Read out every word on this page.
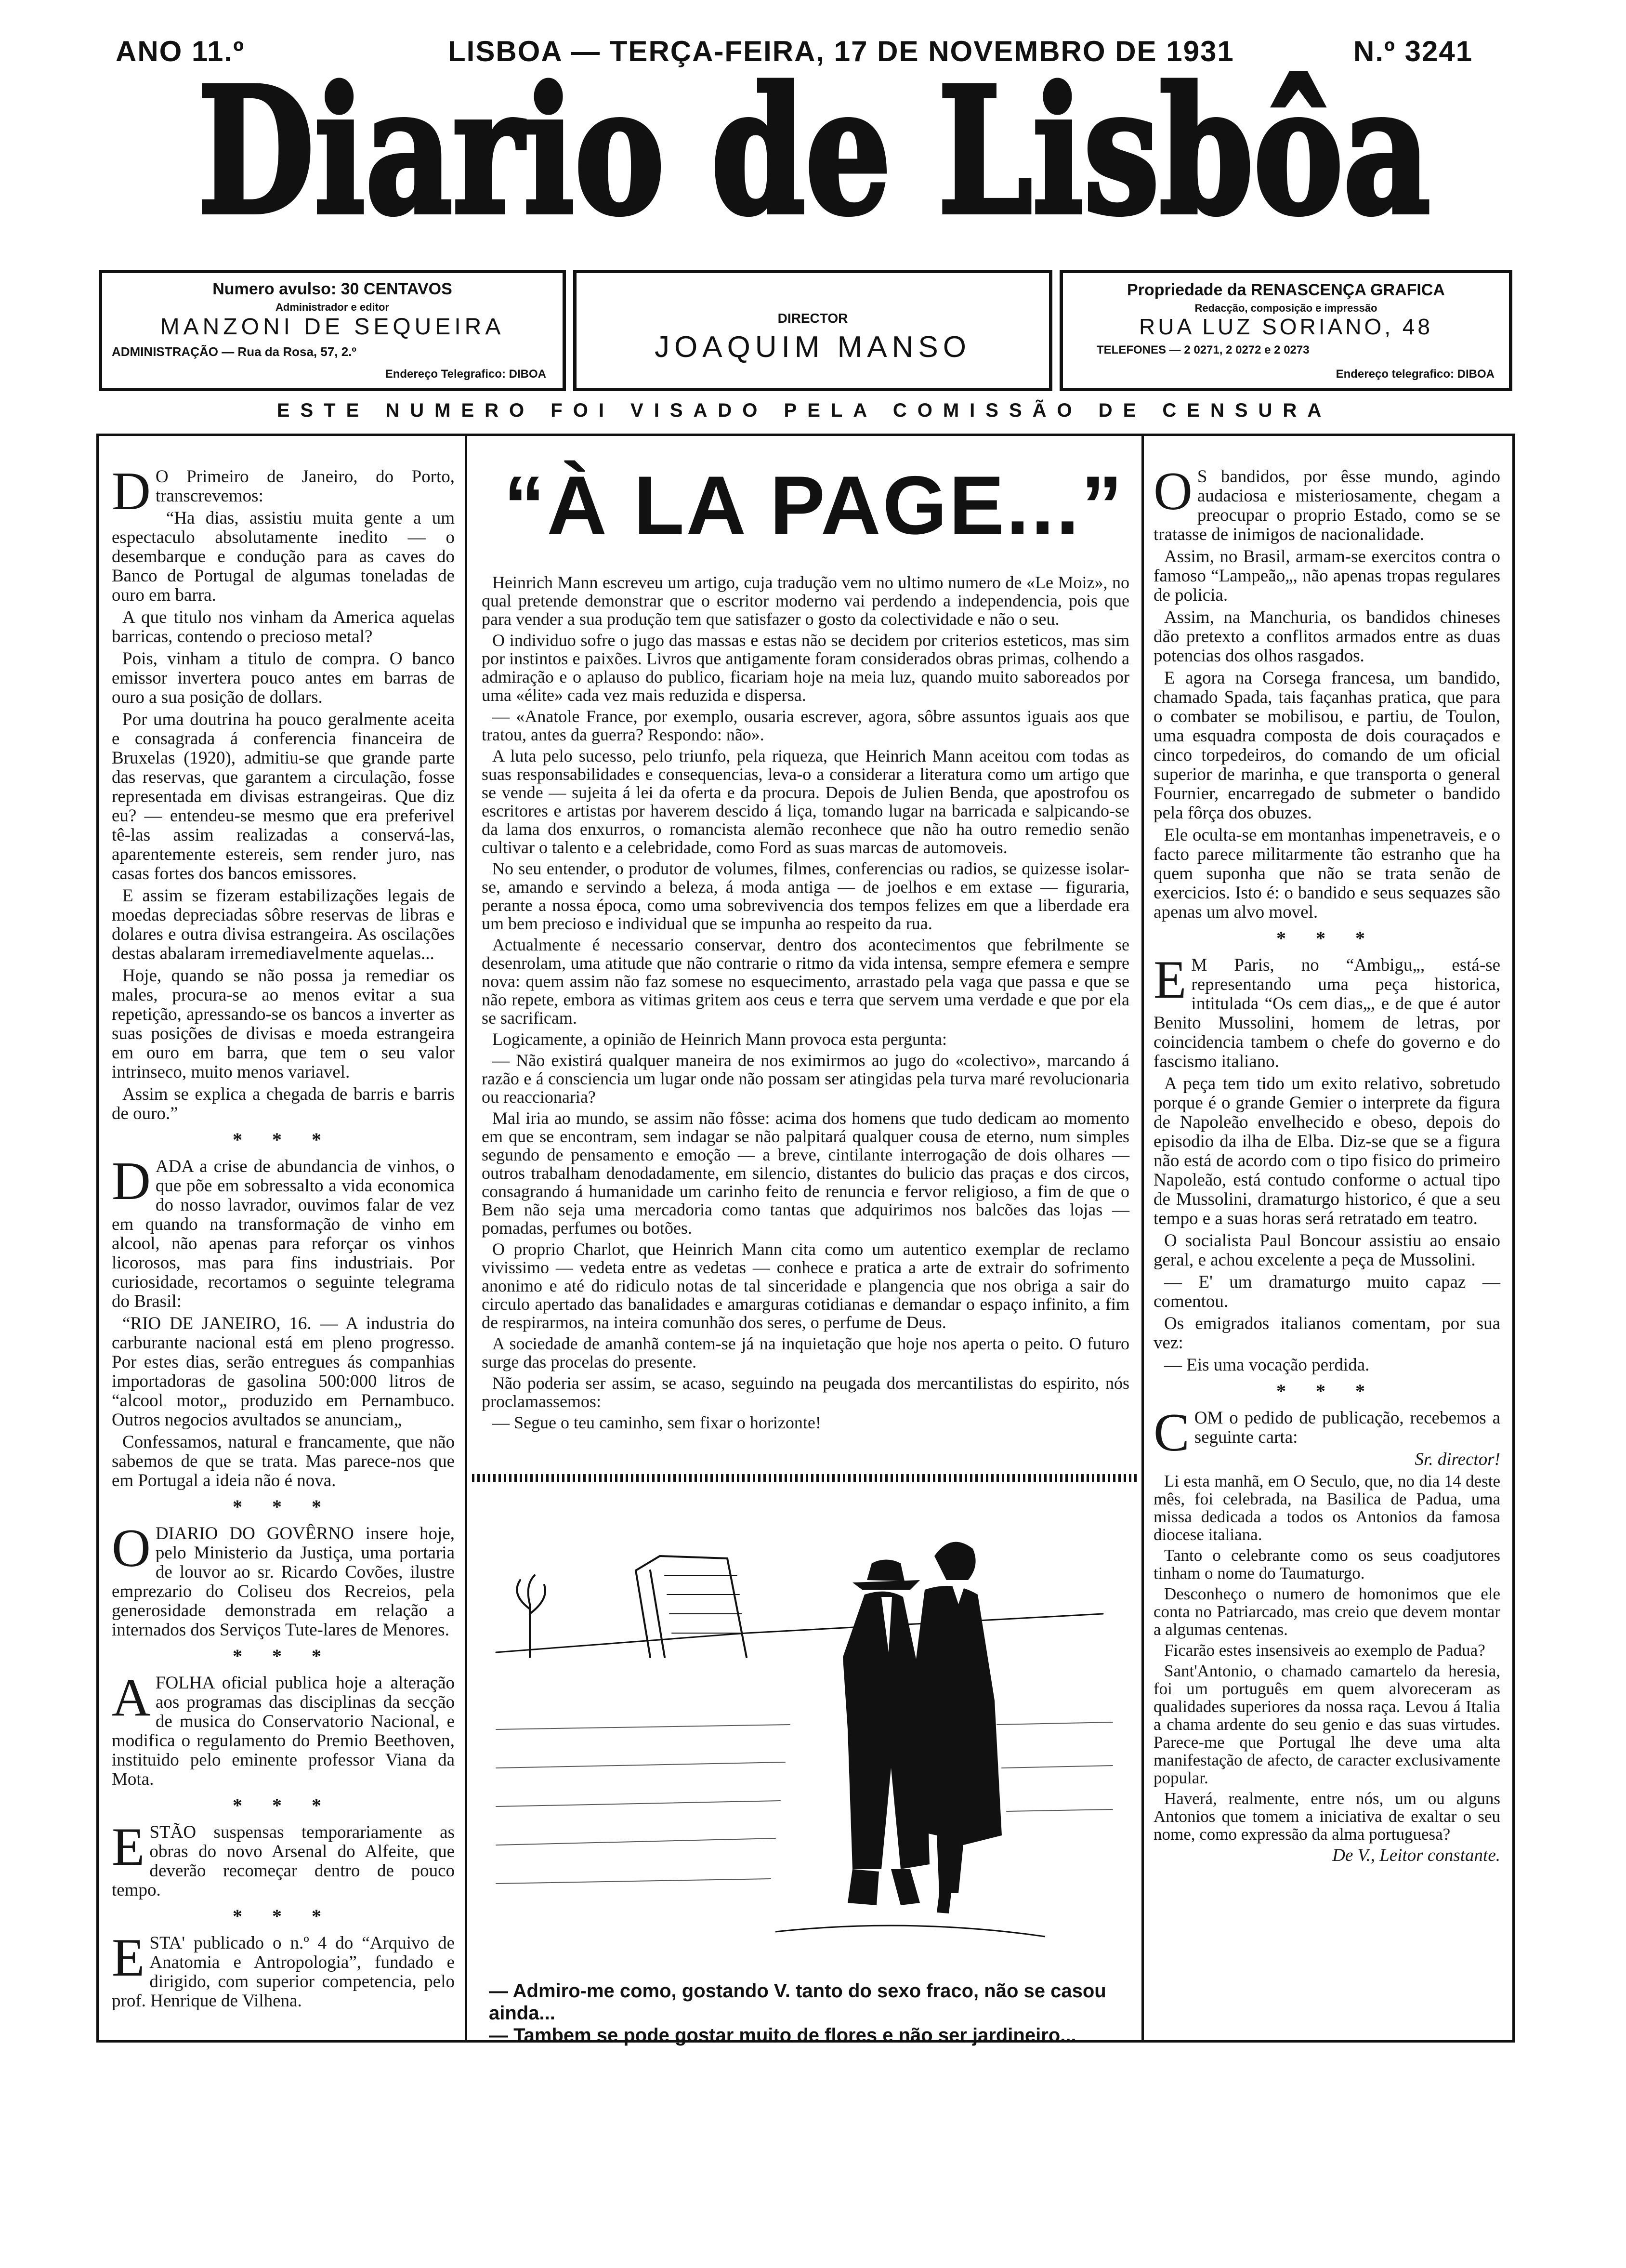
ANO 11.º	LISBOA — TERÇA-FEIRA, 17 DE NOVEMBRO DE 1931	N.º 3241
Diario de Lisbôa
Numero avulso: 30 CENTAVOS
Administrador e editor
MANZONI DE SEQUEIRA
ADMINISTRAÇÃO — Rua da Rosa, 57, 2.º
Endereço Telegrafico: DIBOA
DIRECTOR
JOAQUIM MANSO
Propriedade da RENASCENÇA GRAFICA
Redacção, composição e impressão
RUA LUZ SORIANO, 48
TELEFONES — 2 0271, 2 0272 e 2 0273
Endereço telegrafico: DIBOA
ESTE NUMERO FOI VISADO PELA COMISSÃO DE CENSURA

D O Primeiro de Janeiro, do Porto, transcrevemos:

“Ha dias, assistiu muita gente a um espectaculo absolutamente inedito — o desembarque e condução para as caves do Banco de Portugal de algumas toneladas de ouro em barra.

A que titulo nos vinham da America aquelas barricas, contendo o precioso metal?

Pois, vinham a titulo de compra. O banco emissor invertera pouco antes em barras de ouro a sua posição de dollars.

Por uma doutrina ha pouco geralmente aceita e consagrada á conferencia financeira de Bruxelas (1920), admitiu-se que grande parte das reservas, que garantem a circulação, fosse representada em divisas estrangeiras. Que diz eu? — entendeu-se mesmo que era preferivel tê-las assim realizadas a conservá-las, aparentemente estereis, sem render juro, nas casas fortes dos bancos emissores.

E assim se fizeram estabilizações legais de moedas depreciadas sôbre reservas de libras e dolares e outra divisa estrangeira. As oscilações destas abalaram irremediavelmente aquelas...

Hoje, quando se não possa ja remediar os males, procura-se ao menos evitar a sua repetição, apressando-se os bancos a inverter as suas posições de divisas e moeda estrangeira em ouro em barra, que tem o seu valor intrinseco, muito menos variavel.

Assim se explica a chegada de barris e barris de ouro.”

* * *

DADA a crise de abundancia de vinhos, o que põe em sobressalto a vida economica do nosso lavrador, ouvimos falar de vez em quando na transformação de vinho em alcool, não apenas para reforçar os vinhos licorosos, mas para fins industriais. Por curiosidade, recortamos o seguinte telegrama do Brasil:

“RIO DE JANEIRO, 16. — A industria do carburante nacional está em pleno progresso. Por estes dias, serão entregues ás companhias importadoras de gasolina 500:000 litros de “alcool motor„ produzido em Pernambuco. Outros negocios avultados se anunciam„

Confessamos, natural e francamente, que não sabemos de que se trata. Mas parece-nos que em Portugal a ideia não é nova.

* * *

ODIARIO DO GOVÊRNO insere hoje, pelo Ministerio da Justiça, uma portaria de louvor ao sr. Ricardo Covões, ilustre emprezario do Coliseu dos Recreios, pela generosidade demonstrada em relação a internados dos Serviços Tute-lares de Menores.

* * *

AFOLHA oficial publica hoje a alteração aos programas das disciplinas da secção de musica do Conservatorio Nacional, e modifica o regulamento do Premio Beethoven, instituido pelo eminente professor Viana da Mota.

* * *

ESTÃO suspensas temporariamente as obras do novo Arsenal do Alfeite, que deverão recomeçar dentro de pouco tempo.

* * *

ESTA' publicado o n.º 4 do “Arquivo de Anatomia e Antropologia”, fundado e dirigido, com superior competencia, pelo prof. Henrique de Vilhena.

“À LA PAGE...”

Heinrich Mann escreveu um artigo, cuja tradução vem no ultimo numero de «Le Moiz», no qual pretende demonstrar que o escritor moderno vai perdendo a independencia, pois que para vender a sua produção tem que satisfazer o gosto da colectividade e não o seu.

O individuo sofre o jugo das massas e estas não se decidem por criterios esteticos, mas sim por instintos e paixões. Livros que antigamente foram considerados obras primas, colhendo a admiração e o aplauso do publico, ficariam hoje na meia luz, quando muito saboreados por uma «élite» cada vez mais reduzida e dispersa.

— «Anatole France, por exemplo, ousaria escrever, agora, sôbre assuntos iguais aos que tratou, antes da guerra? Respondo: não».

A luta pelo sucesso, pelo triunfo, pela riqueza, que Heinrich Mann aceitou com todas as suas responsabilidades e consequencias, leva-o a considerar a literatura como um artigo que se vende — sujeita á lei da oferta e da procura. Depois de Julien Benda, que apostrofou os escritores e artistas por haverem descido á liça, tomando lugar na barricada e salpicando-se da lama dos enxurros, o romancista alemão reconhece que não ha outro remedio senão cultivar o talento e a celebridade, como Ford as suas marcas de automoveis.

No seu entender, o produtor de volumes, filmes, conferencias ou radios, se quizesse isolar-se, amando e servindo a beleza, á moda antiga — de joelhos e em extase — figuraria, perante a nossa época, como uma sobrevivencia dos tempos felizes em que a liberdade era um bem precioso e individual que se impunha ao respeito da rua.

Actualmente é necessario conservar, dentro dos acontecimentos que febrilmente se desenrolam, uma atitude que não contrarie o ritmo da vida intensa, sempre efemera e sempre nova: quem assim não faz somese no esquecimento, arrastado pela vaga que passa e que se não repete, embora as vitimas gritem aos ceus e terra que servem uma verdade e que por ela se sacrificam.

Logicamente, a opinião de Heinrich Mann provoca esta pergunta:

— Não existirá qualquer maneira de nos eximirmos ao jugo do «colectivo», marcando á razão e á consciencia um lugar onde não possam ser atingidas pela turva maré revolucionaria ou reaccionaria?

Mal iria ao mundo, se assim não fôsse: acima dos homens que tudo dedicam ao momento em que se encontram, sem indagar se não palpitará qualquer cousa de eterno, num simples segundo de pensamento e emoção — a breve, cintilante interrogação de dois olhares — outros trabalham denodadamente, em silencio, distantes do bulicio das praças e dos circos, consagrando á humanidade um carinho feito de renuncia e fervor religioso, a fim de que o Bem não seja uma mercadoria como tantas que adquirimos nos balcões das lojas — pomadas, perfumes ou botões.

O proprio Charlot, que Heinrich Mann cita como um autentico exemplar de reclamo vivissimo — vedeta entre as vedetas — conhece e pratica a arte de extrair do sofrimento anonimo e até do ridiculo notas de tal sinceridade e plangencia que nos obriga a sair do circulo apertado das banalidades e amarguras cotidianas e demandar o espaço infinito, a fim de respirarmos, na inteira comunhão dos seres, o perfume de Deus.

A sociedade de amanhã contem-se já na inquietação que hoje nos aperta o peito. O futuro surge das procelas do presente.

Não poderia ser assim, se acaso, seguindo na peugada dos mercantilistas do espirito, nós proclamassemos:

— Segue o teu caminho, sem fixar o horizonte!

— Admiro-me como, gostando V. tanto do sexo fraco, não se casou ainda...
— Tambem se pode gostar muito de flores e não ser jardineiro...

O S bandidos, por êsse mundo, agindo audaciosa e misteriosamente, chegam a preocupar o proprio Estado, como se se tratasse de inimigos de nacionalidade.

Assim, no Brasil, armam-se exercitos contra o famoso “Lampeão„, não apenas tropas regulares de policia.

Assim, na Manchuria, os bandidos chineses dão pretexto a conflitos armados entre as duas potencias dos olhos rasgados.

E agora na Corsega francesa, um bandido, chamado Spada, tais façanhas pratica, que para o combater se mobilisou, e partiu, de Toulon, uma esquadra composta de dois couraçados e cinco torpedeiros, do comando de um oficial superior de marinha, e que transporta o general Fournier, encarregado de submeter o bandido pela fôrça dos obuzes.

Ele oculta-se em montanhas impenetraveis, e o facto parece militarmente tão estranho que ha quem suponha que não se trata senão de exercicios. Isto é: o bandido e seus sequazes são apenas um alvo movel.

* * *

E M Paris, no “Ambigu„, está-se representando uma peça historica, intitulada “Os cem dias„, e de que é autor Benito Mussolini, homem de letras, por coincidencia tambem o chefe do governo e do fascismo italiano.

A peça tem tido um exito relativo, sobretudo porque é o grande Gemier o interprete da figura de Napoleão envelhecido e obeso, depois do episodio da ilha de Elba. Diz-se que se a figura não está de acordo com o tipo fisico do primeiro Napoleão, está contudo conforme o actual tipo de Mussolini, dramaturgo historico, é que a seu tempo e a suas horas será retratado em teatro.

O socialista Paul Boncour assistiu ao ensaio geral, e achou excelente a peça de Mussolini.

— E' um dramaturgo muito capaz — comentou.

Os emigrados italianos comentam, por sua vez:

— Eis uma vocação perdida.

* * *

COM o pedido de publicação, recebemos a seguinte carta:

Sr. director!

Li esta manhã, em O Seculo, que, no dia 14 deste mês, foi celebrada, na Basilica de Padua, uma missa dedicada a todos os Antonios da famosa diocese italiana.

Tanto o celebrante como os seus coadjutores tinham o nome do Taumaturgo.

Desconheço o numero de homonimos que ele conta no Patriarcado, mas creio que devem montar a algumas centenas.

Ficarão estes insensiveis ao exemplo de Padua?

Sant'Antonio, o chamado camartelo da heresia, foi um português em quem alvoreceram as qualidades superiores da nossa raça. Levou á Italia a chama ardente do seu genio e das suas virtudes. Parece-me que Portugal lhe deve uma alta manifestação de afecto, de caracter exclusivamente popular.

Haverá, realmente, entre nós, um ou alguns Antonios que tomem a iniciativa de exaltar o seu nome, como expressão da alma portuguesa?

De V., Leitor constante.
